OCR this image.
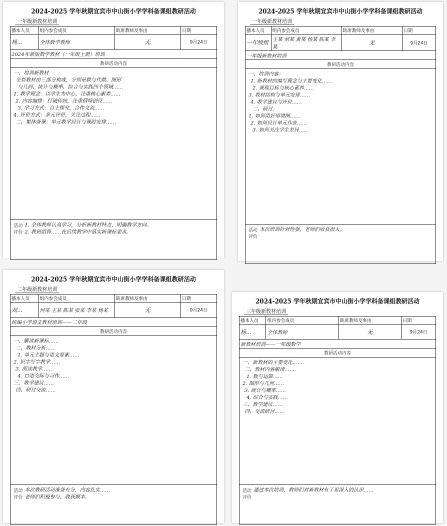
2024-2025 学年秋期宜宾市中山街小学学科备课组教研活动
一年级新教材培训
播本人员	组内参会成员	缺席教师及事由	日期
杨…	全体数学教师	无	9月24日
2024年新版数学教材（一年级上册）培训			
教研活动内容
一、培训新教材
全套教材由三部分构成，分别是数与代数、图形
与几何、统计与概率、综合与实践四个领域……
1. 教学理念：以学生为中心，注重核心素养……
2. 内容编排：打破传统，注重情境创设……
3. 学习方式：自主探究，合作交流……
4. 评价方式：多元评价，关注过程……
二、集体备课：单元教学设计与课时安排……
活动评价
1. 全体教师认真学习，分析新教材特点，明确教学方向。
2. 教研组将……在后续教学中落实新课标要求。
2024-2025 学年秋期宜宾市中山街小学学科备课组教研活动
一年级新教材培训
播本人员	组内参会成员	缺席教师及事由	日期
一年级组	王某 刘某 黄某 杨某 陈某 李某	无	9月24日
一年级新教材培训			
教研活动内容
一、培训内容：
1. 新教材的编写理念与主要变化……
2. 课程目标与核心素养……
3. 教材结构与单元安排……
4. 教学建议与评价……
二、研讨：
1. 如何用好情境图……
2. 如何设计单元作业……
3. 如何关注学生差异……
活动评价
本次培训针对性强，老师们收获很大。
2024-2025 学年秋期宜宾市中山街小学学科备课组教研活动
二年级新教材培训
播本人员	组内参会成员	缺席教师及事由	日期
刘…	何某 王某 陈某 张某 李某 杨某	无	9月24日
统编小学语文教材培训——二年级			
教研活动内容
一、解读新课标……
二、教材分析……
1. 单元主题与语文要素……
2. 识字写字教学……
3. 阅读教学……
4. 口语交际与习作……
三、教学建议……
四、研讨交流……
活动评价
本次教研活动准备充分，内容扎实……
老师们积极参与，收获颇丰。
2024-2025 学年秋期宜宾市中山街小学学科备课组教研活动
三年级新教材培训
播本人员	组内参会成员	缺席教师及事由	日期
杨…	全体教师	无	9月24日
新教材培训——一年级数学			
教研活动内容
一、新教材的主要变化……
二、教材内容解读……
1. 数与运算……
2. 图形与几何……
3. 统计与概率……
4. 综合与实践……
三、教学建议……
四、交流研讨……
活动评价
通过本次培训，教师们对新教材有了更深入的认识……
